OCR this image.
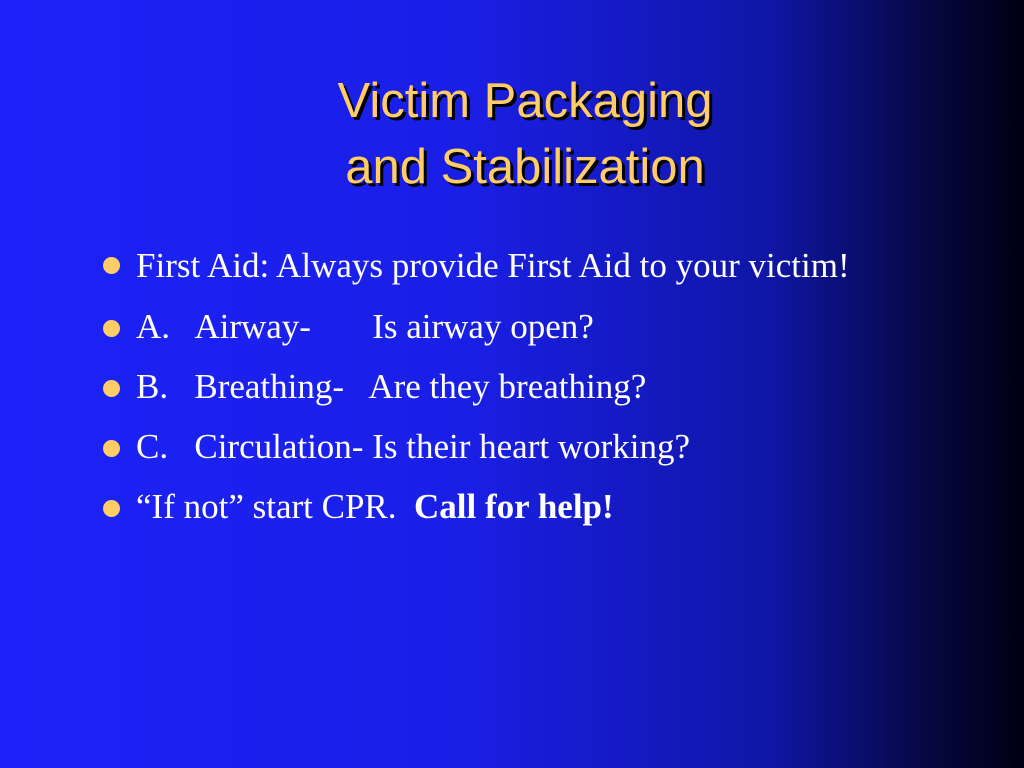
Victim Packaging
and Stabilization
First Aid: Always provide First Aid to your victim!
A.   Airway-       Is airway open?
B.   Breathing-   Are they breathing?
C.   Circulation- Is their heart working?
“If not” start CPR.  Call for help!
